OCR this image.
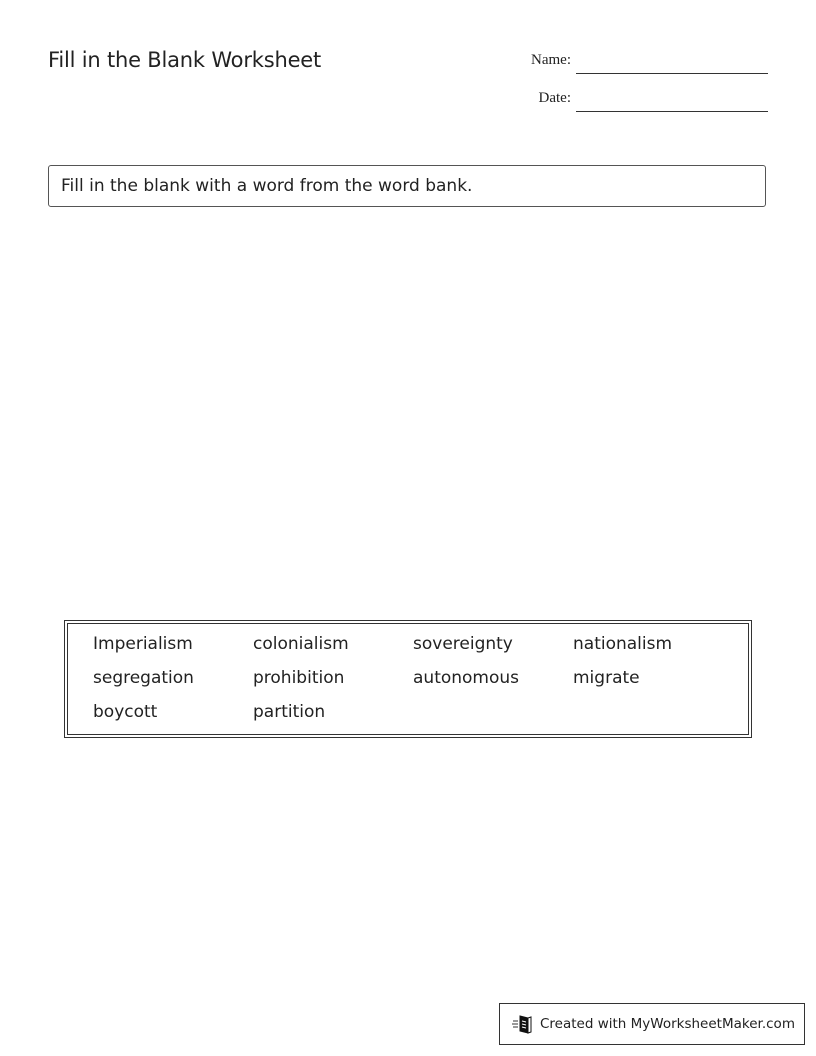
Fill in the Blank Worksheet	Name:
Date:
Fill in the blank with a word from the word bank.
Imperialism	colonialism	sovereignty	nationalism
segregation	prohibition	autonomous	migrate
boycott	partition
Created with MyWorksheetMaker.com
